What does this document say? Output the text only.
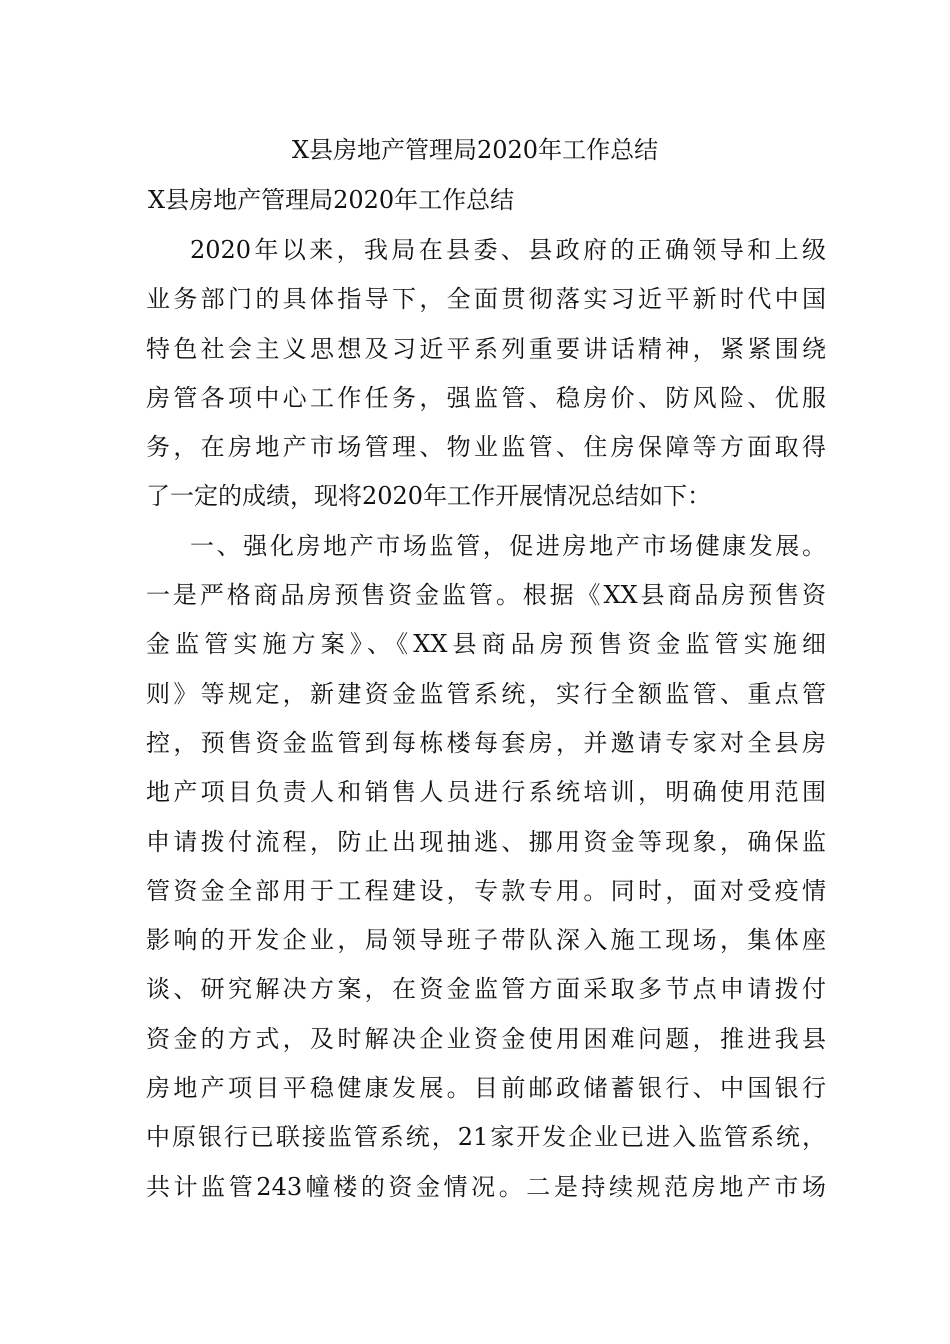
X县房地产管理局2020年工作总结
X县房地产管理局2020年工作总结
2020年以来，我局在县委、县政府的正确领导和上级
业务部门的具体指导下，全面贯彻落实习近平新时代中国
特色社会主义思想及习近平系列重要讲话精神，紧紧围绕
房管各项中心工作任务，强监管、稳房价、防风险、优服
务，在房地产市场管理、物业监管、住房保障等方面取得
了一定的成绩，现将2020年工作开展情况总结如下：
一、强化房地产市场监管，促进房地产市场健康发展。
一是严格商品房预售资金监管。根据《XX县商品房预售资
金监管实施方案》、《XX县商品房预售资金监管实施细
则》等规定，新建资金监管系统，实行全额监管、重点管
控，预售资金监管到每栋楼每套房，并邀请专家对全县房
地产项目负责人和销售人员进行系统培训，明确使用范围
申请拨付流程，防止出现抽逃、挪用资金等现象，确保监
管资金全部用于工程建设，专款专用。同时，面对受疫情
影响的开发企业，局领导班子带队深入施工现场，集体座
谈、研究解决方案，在资金监管方面采取多节点申请拨付
资金的方式，及时解决企业资金使用困难问题，推进我县
房地产项目平稳健康发展。目前邮政储蓄银行、中国银行
中原银行已联接监管系统，21家开发企业已进入监管系统，
共计监管243幢楼的资金情况。二是持续规范房地产市场
